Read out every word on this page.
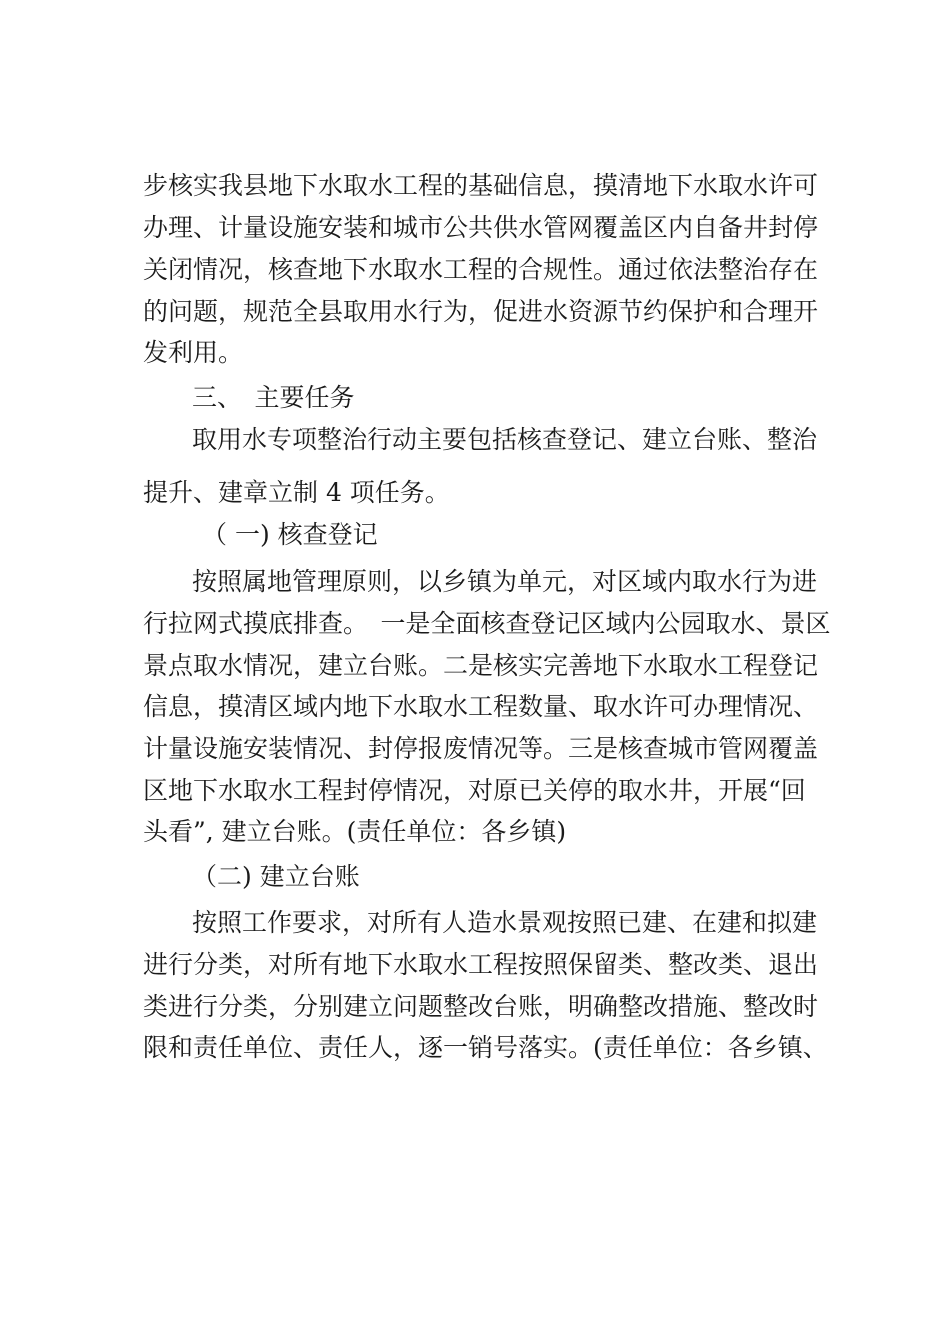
步核实我县地下水取水工程的基础信息，摸清地下水取水许可
办理、计量设施安装和城市公共供水管网覆盖区内自备井封停
关闭情况，核查地下水取水工程的合规性。通过依法整治存在
的问题，规范全县取用水行为，促进水资源节约保护和合理开
发利用。
三、　主要任务
取用水专项整治行动主要包括核查登记、建立台账、整治
提升、建章立制 4 项任务。
（ 一) 核查登记
按照属地管理原则，以乡镇为单元，对区域内取水行为进
行拉网式摸底排查。　一是全面核查登记区域内公园取水、景区
景点取水情况，建立台账。二是核实完善地下水取水工程登记
信息，摸清区域内地下水取水工程数量、取水许可办理情况、
计量设施安装情况、封停报废情况等。三是核查城市管网覆盖
区地下水取水工程封停情况，对原已关停的取水井，开展“回
头看”, 建立台账。(责任单位：各乡镇)
（二) 建立台账
按照工作要求，对所有人造水景观按照已建、在建和拟建
进行分类，对所有地下水取水工程按照保留类、整改类、退出
类进行分类，分别建立问题整改台账，明确整改措施、整改时
限和责任单位、责任人，逐一销号落实。(责任单位：各乡镇、
